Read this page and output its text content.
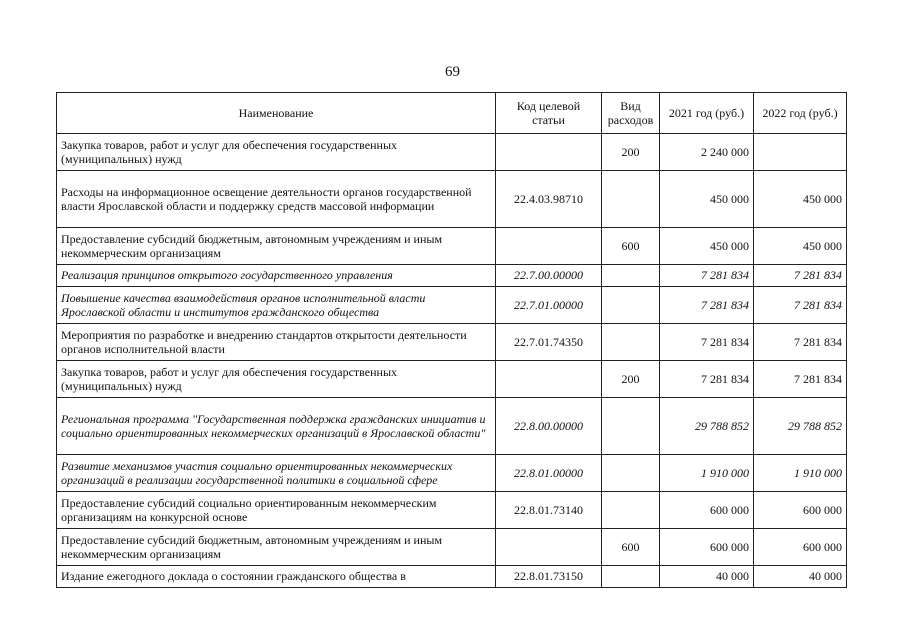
69
Наименование	Код целевой статьи	Вид расходов	2021 год (руб.)	2022 год (руб.)
Закупка товаров, работ и услуг для обеспечения государственных (муниципальных) нужд		200	2 240 000	
Расходы на информационное освещение деятельности органов государственной власти Ярославской области и поддержку средств массовой информации	22.4.03.98710		450 000	450 000
Предоставление субсидий бюджетным, автономным учреждениям и иным некоммерческим организациям		600	450 000	450 000
Реализация принципов открытого государственного управления	22.7.00.00000		7 281 834	7 281 834
Повышение качества взаимодействия органов исполнительной власти Ярославской области и институтов гражданского общества	22.7.01.00000		7 281 834	7 281 834
Мероприятия по разработке и внедрению стандартов открытости деятельности органов исполнительной власти	22.7.01.74350		7 281 834	7 281 834
Закупка товаров, работ и услуг для обеспечения государственных (муниципальных) нужд		200	7 281 834	7 281 834
Региональная программа "Государственная поддержка гражданских инициатив и социально ориентированных некоммерческих организаций в Ярославской области"	22.8.00.00000		29 788 852	29 788 852
Развитие механизмов участия социально ориентированных некоммерческих организаций в реализации государственной политики в социальной сфере	22.8.01.00000		1 910 000	1 910 000
Предоставление субсидий социально ориентированным некоммерческим организациям на конкурсной основе	22.8.01.73140		600 000	600 000
Предоставление субсидий бюджетным, автономным учреждениям и иным некоммерческим организациям		600	600 000	600 000
Издание ежегодного доклада о состоянии гражданского общества в	22.8.01.73150		40 000	40 000
